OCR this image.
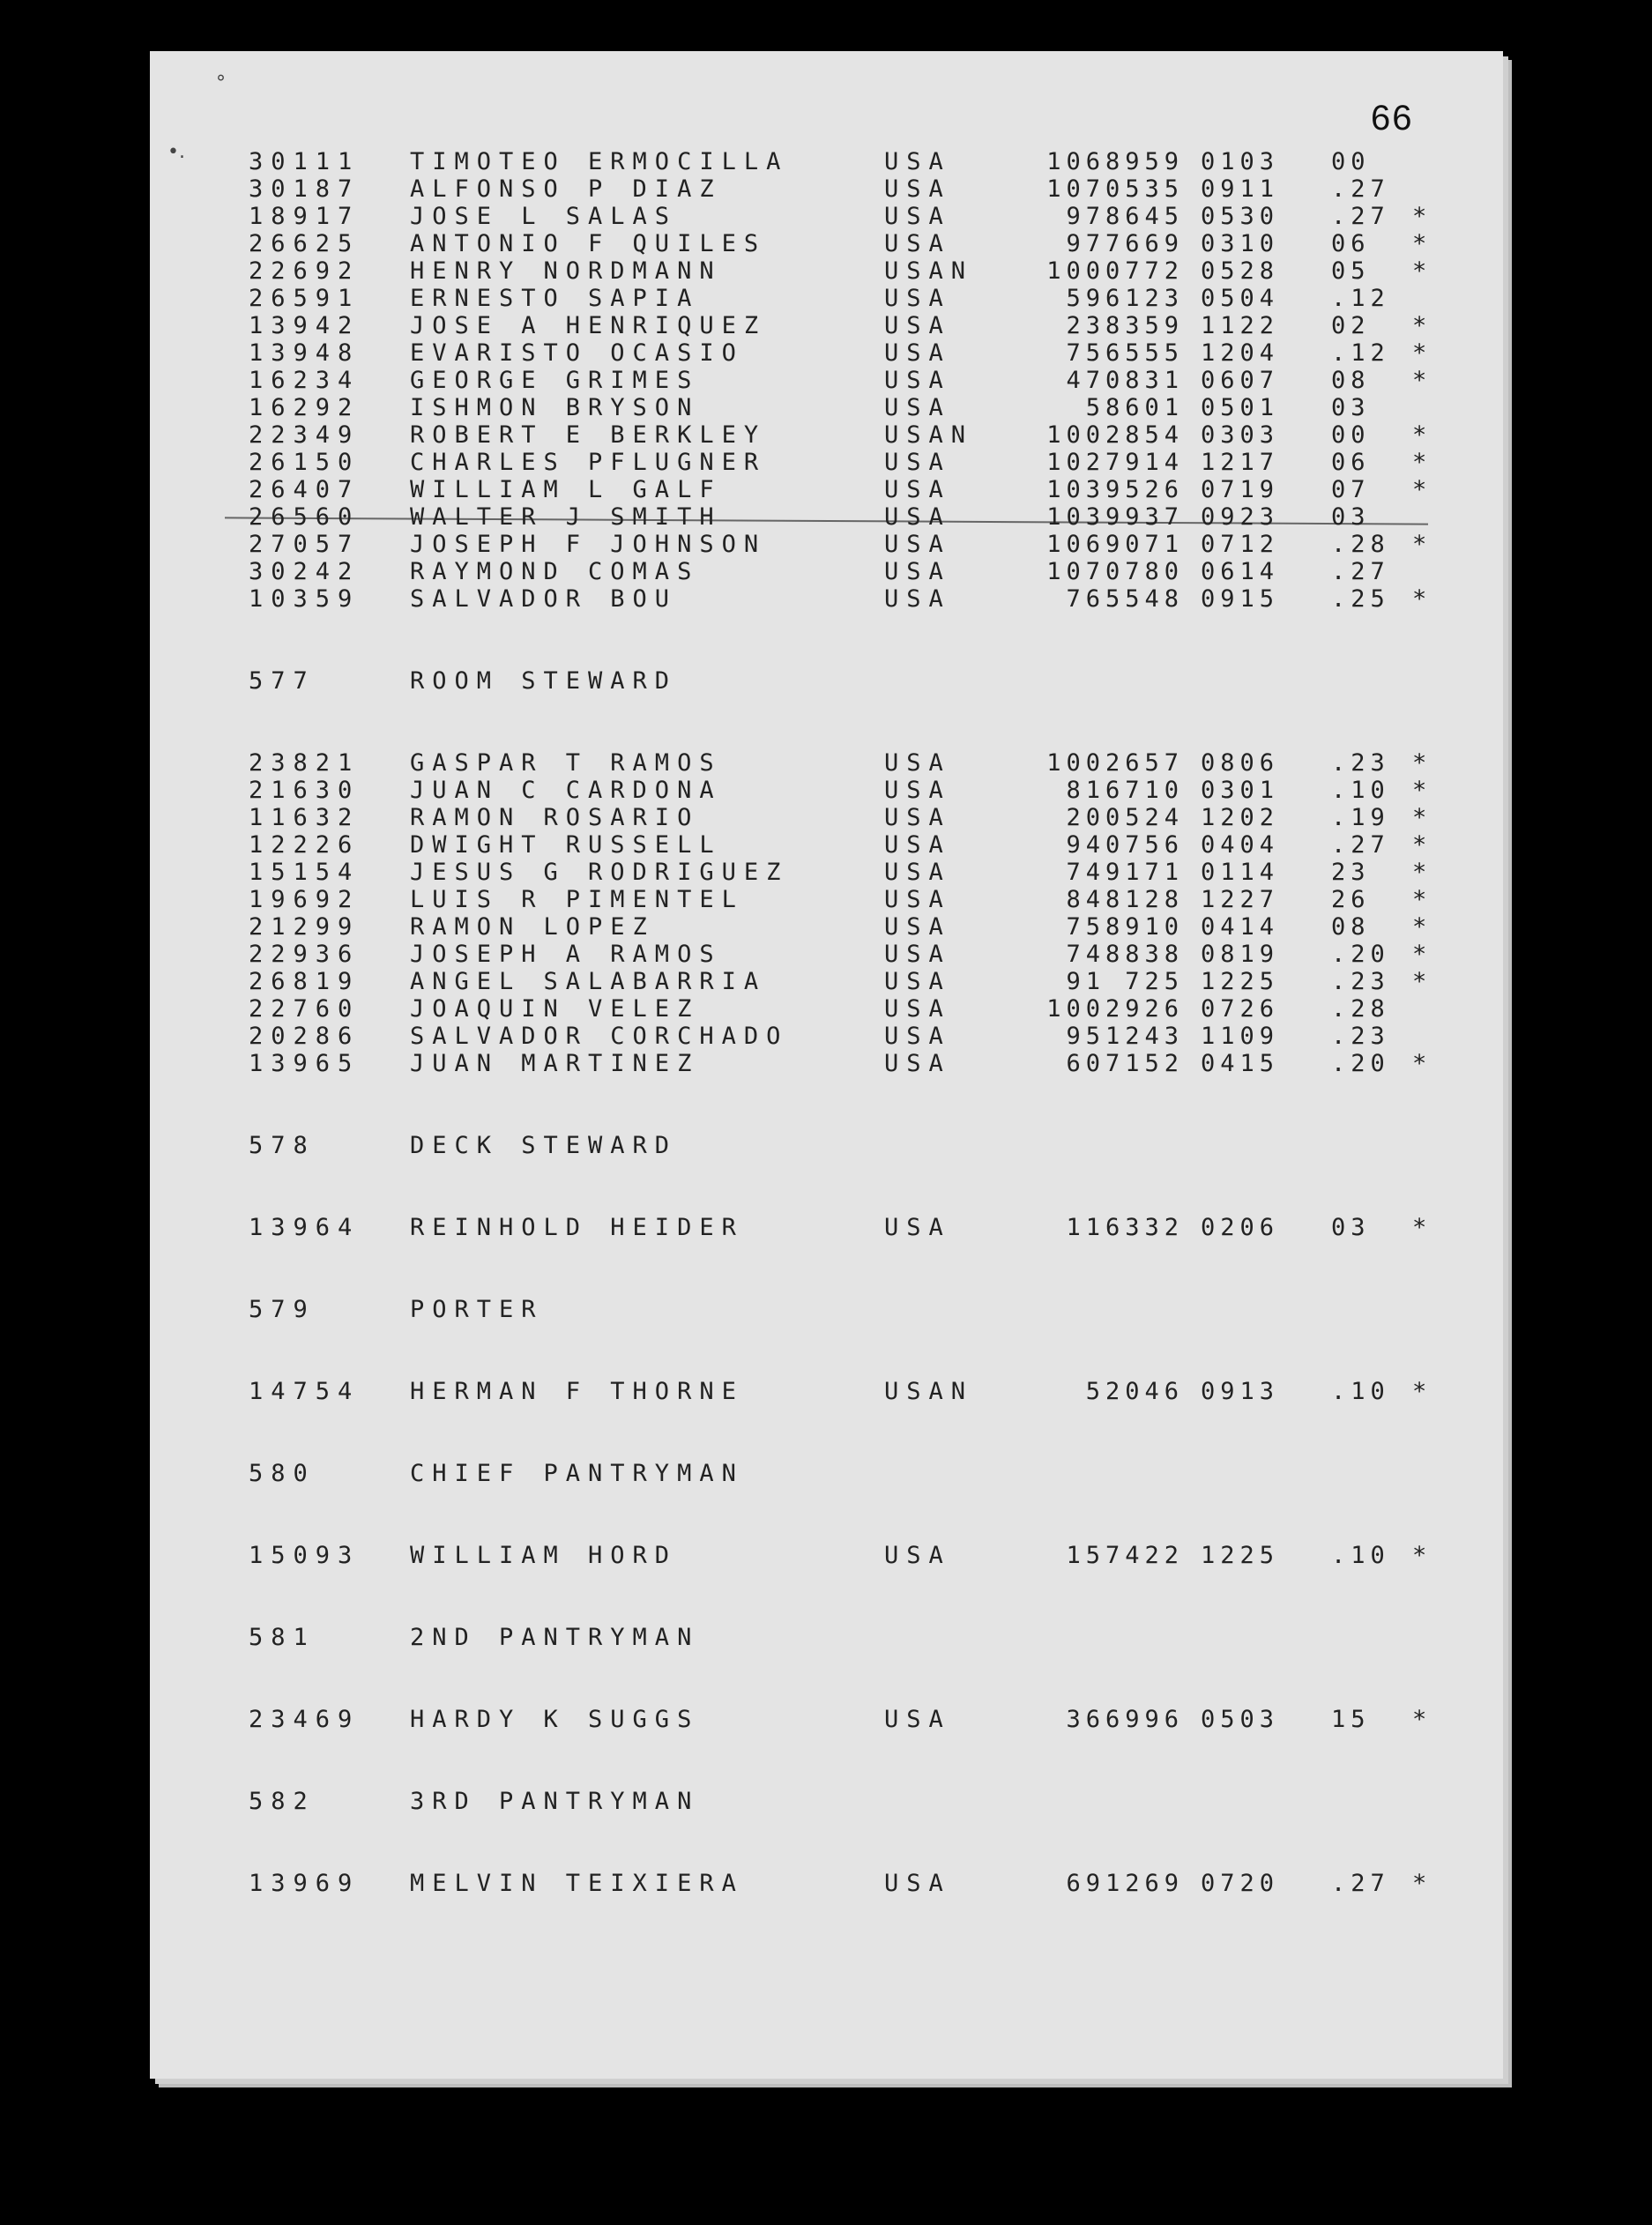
66
°
•.	30111 TIMOTEO ERMOCILLA	USA	1068959 0103 00
30187 ALFONSO P DIAZ	USA	1070535 0911 .27
18917 JOSE L SALAS	USA	978645 0530 .27 *
26625 ANTONIO F QUILES	USA	977669 0310 06 *
22692 HENRY NORDMANN	USAN	1000772 0528 05 *
26591 ERNESTO SAPIA	USA	596123 0504 .12
13942 JOSE A HENRIQUEZ	USA	238359 1122 02 *
13948 EVARISTO OCASIO	USA	756555 1204 .12 *
16234 GEORGE GRIMES	USA	470831 0607 08 *
16292 ISHMON BRYSON	USA	58601 0501 03
22349 ROBERT E BERKLEY	USAN	1002854 0303 00 *
26150 CHARLES PFLUGNER	USA	1027914 1217 06 *
26407 WILLIAM L GALF	USA	1039526 0719 07 *
26560 WALTER J SMITH	USA	1039937 0923 03
27057 JOSEPH F JOHNSON	USA	1069071 0712 .28 *
30242 RAYMOND COMAS	USA	1070780 0614 .27
10359 SALVADOR BOU	USA	765548 0915 .25 *
577	ROOM STEWARD
23821 GASPAR T RAMOS	USA	1002657 0806 .23 *
21630 JUAN C CARDONA	USA	816710 0301 .10 *
11632 RAMON ROSARIO	USA	200524 1202 .19 *
12226 DWIGHT RUSSELL	USA	940756 0404 .27 *
15154 JESUS G RODRIGUEZ	USA	749171 0114 23 *
19692 LUIS R PIMENTEL	USA	848128 1227 26 *
21299 RAMON LOPEZ	USA	758910 0414 08 *
22936 JOSEPH A RAMOS	USA	748838 0819 .20 *
26819 ANGEL SALABARRIA	USA	91 725 1225 .23 *
22760 JOAQUIN VELEZ	USA	1002926 0726 .28
20286 SALVADOR CORCHADO	USA	951243 1109 .23
13965 JUAN MARTINEZ	USA	607152 0415 .20 *
578	DECK STEWARD
13964 REINHOLD HEIDER	USA	116332 0206 03 *
579	PORTER
14754 HERMAN F THORNE	USAN	52046 0913 .10 *
580	CHIEF PANTRYMAN
15093 WILLIAM HORD	USA	157422 1225 .10 *
581	2ND PANTRYMAN
23469 HARDY K SUGGS	USA	366996 0503 15 *
582	3RD PANTRYMAN
13969 MELVIN TEIXIERA	USA	691269 0720 .27 *
